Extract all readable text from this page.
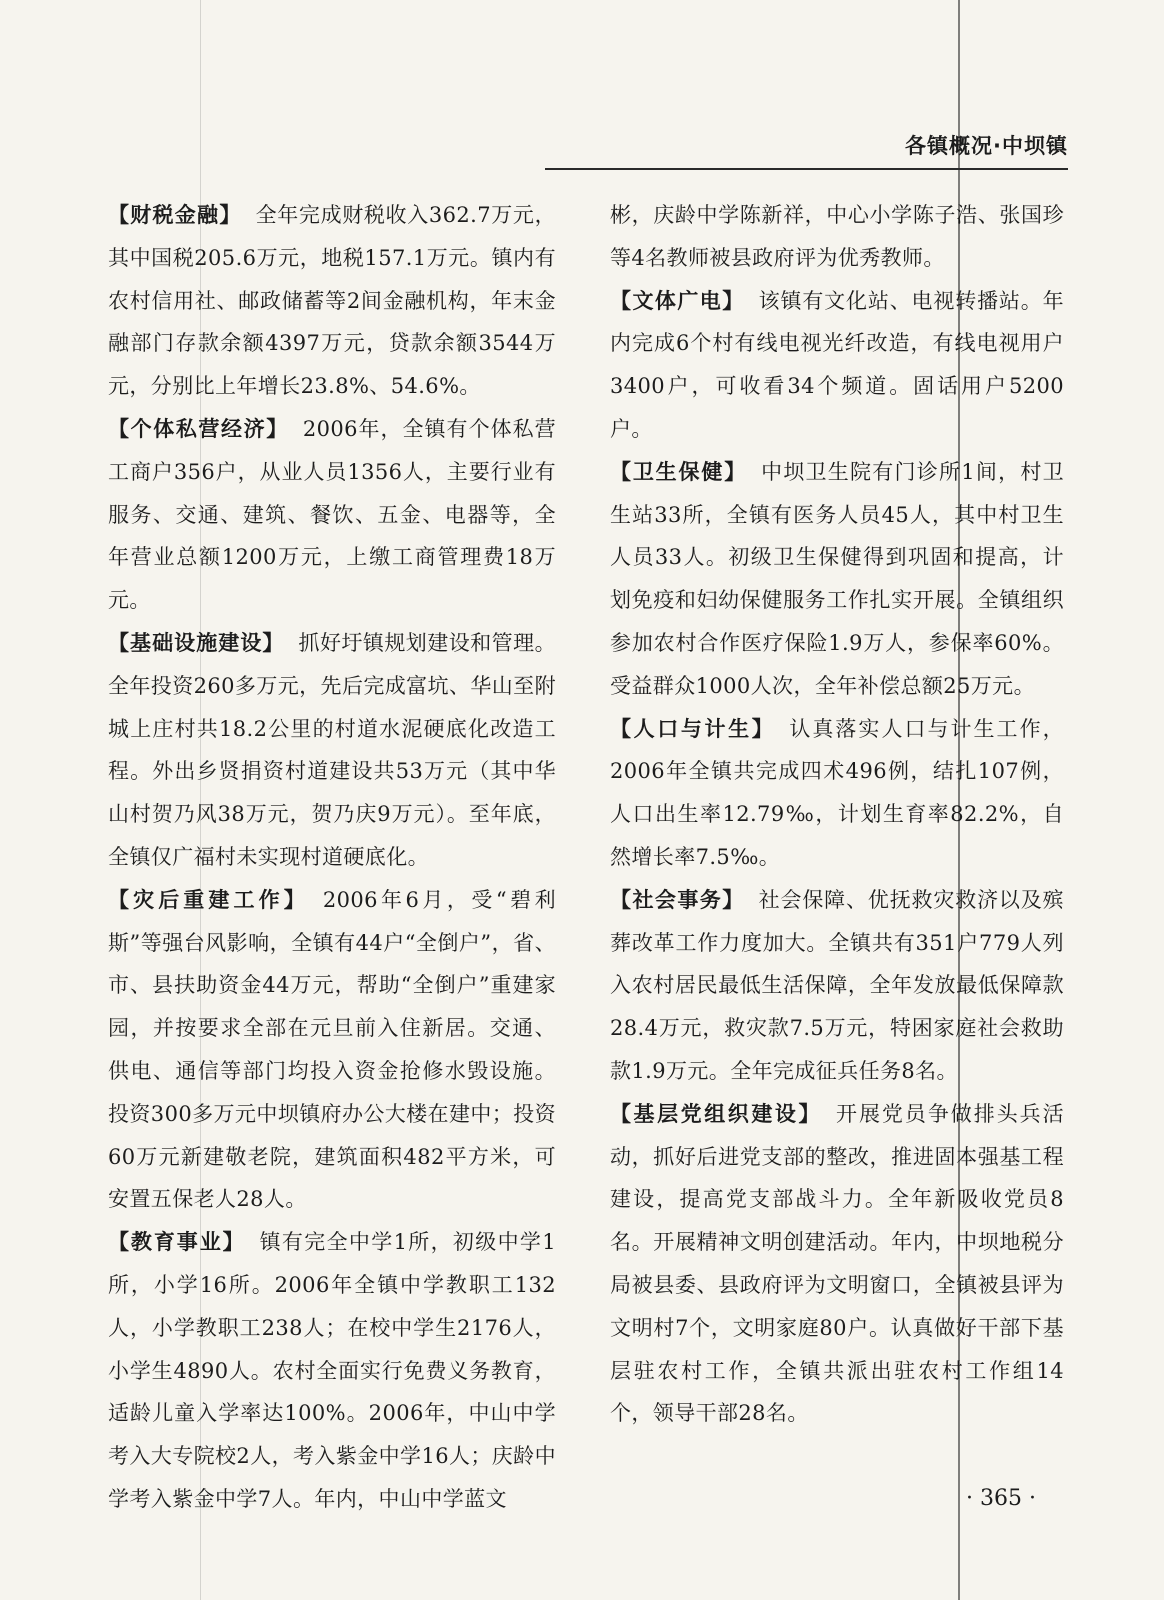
各镇概况·中坝镇

【财税金融】 全年完成财税收入362.7万元，其中国税205.6万元，地税157.1万元。镇内有农村信用社、邮政储蓄等2间金融机构，年末金融部门存款余额4397万元，贷款余额3544万元，分别比上年增长23.8%、54.6%。

【个体私营经济】 2006年，全镇有个体私营工商户356户，从业人员1356人，主要行业有服务、交通、建筑、餐饮、五金、电器等，全年营业总额1200万元，上缴工商管理费18万元。

【基础设施建设】 抓好圩镇规划建设和管理。全年投资260多万元，先后完成富坑、华山至附城上庄村共18.2公里的村道水泥硬底化改造工程。外出乡贤捐资村道建设共53万元（其中华山村贺乃风38万元，贺乃庆9万元）。至年底，全镇仅广福村未实现村道硬底化。

【灾后重建工作】 2006年6月，受“碧利斯”等强台风影响，全镇有44户“全倒户”，省、市、县扶助资金44万元，帮助“全倒户”重建家园，并按要求全部在元旦前入住新居。交通、供电、通信等部门均投入资金抢修水毁设施。投资300多万元中坝镇府办公大楼在建中；投资60万元新建敬老院，建筑面积482平方米，可安置五保老人28人。

【教育事业】 镇有完全中学1所，初级中学1所，小学16所。2006年全镇中学教职工132人，小学教职工238人；在校中学生2176人，小学生4890人。农村全面实行免费义务教育，适龄儿童入学率达100%。2006年，中山中学考入大专院校2人，考入紫金中学16人；庆龄中学考入紫金中学7人。年内，中山中学蓝文

彬，庆龄中学陈新祥，中心小学陈子浩、张国珍等4名教师被县政府评为优秀教师。

【文体广电】 该镇有文化站、电视转播站。年内完成6个村有线电视光纤改造，有线电视用户3400户，可收看34个频道。固话用户5200户。

【卫生保健】 中坝卫生院有门诊所1间，村卫生站33所，全镇有医务人员45人，其中村卫生人员33人。初级卫生保健得到巩固和提高，计划免疫和妇幼保健服务工作扎实开展。全镇组织参加农村合作医疗保险1.9万人，参保率60%。受益群众1000人次，全年补偿总额25万元。

【人口与计生】 认真落实人口与计生工作，2006年全镇共完成四术496例，结扎107例，人口出生率12.79‰，计划生育率82.2%，自然增长率7.5‰。

【社会事务】 社会保障、优抚救灾救济以及殡葬改革工作力度加大。全镇共有351户779人列入农村居民最低生活保障，全年发放最低保障款28.4万元，救灾款7.5万元，特困家庭社会救助款1.9万元。全年完成征兵任务8名。

【基层党组织建设】 开展党员争做排头兵活动，抓好后进党支部的整改，推进固本强基工程建设，提高党支部战斗力。全年新吸收党员8名。开展精神文明创建活动。年内，中坝地税分局被县委、县政府评为文明窗口，全镇被县评为文明村7个，文明家庭80户。认真做好干部下基层驻农村工作，全镇共派出驻农村工作组14个，领导干部28名。

· 365 ·
